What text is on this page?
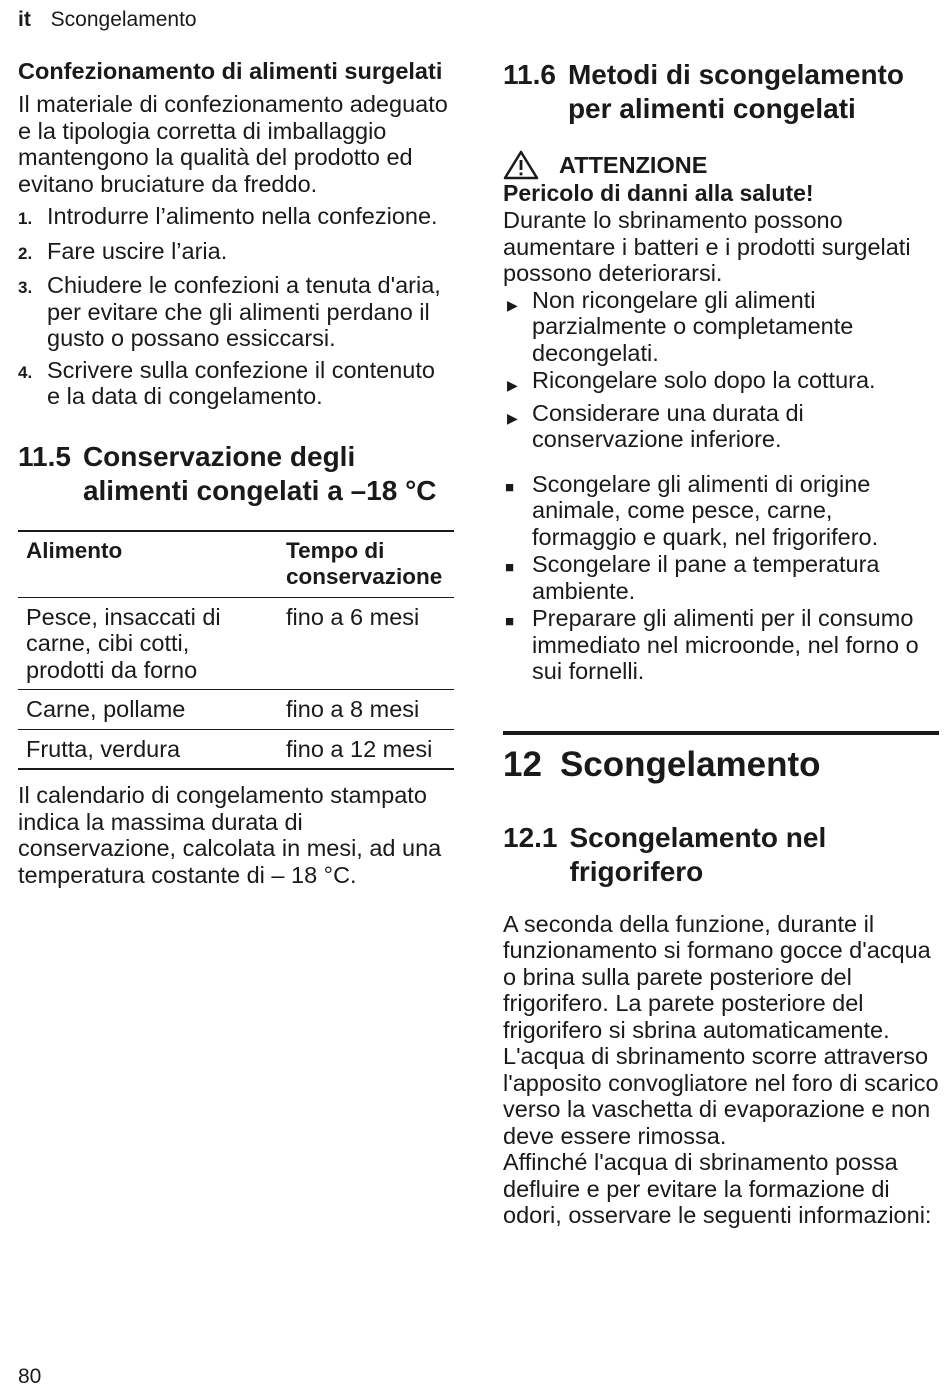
it Scongelamento
Confezionamento di alimenti surgelati
Il materiale di confezionamento adeguato e la tipologia corretta di imballaggio mantengono la qualità del prodotto ed evitano bruciature da freddo.
1. Introdurre l’alimento nella confezione.
2. Fare uscire l’aria.
3. Chiudere le confezioni a tenuta d'aria, per evitare che gli alimenti perdano il gusto o possano essiccarsi.
4. Scrivere sulla confezione il contenuto e la data di congelamento.
11.5 Conservazione degli alimenti congelati a –18 °C
Alimento	Tempo di conservazione
Pesce, insaccati di carne, cibi cotti, prodotti da forno	fino a 6 mesi
Carne, pollame	fino a 8 mesi
Frutta, verdura	fino a 12 mesi
Il calendario di congelamento stampato indica la massima durata di conservazione, calcolata in mesi, ad una temperatura costante di – 18 °C.
11.6 Metodi di scongelamento per alimenti congelati
ATTENZIONE
Pericolo di danni alla salute!
Durante lo sbrinamento possono aumentare i batteri e i prodotti surgelati possono deteriorarsi.
▶ Non ricongelare gli alimenti parzialmente o completamente decongelati.
▶ Ricongelare solo dopo la cottura.
▶ Considerare una durata di conservazione inferiore.
■ Scongelare gli alimenti di origine animale, come pesce, carne, formaggio e quark, nel frigorifero.
■ Scongelare il pane a temperatura ambiente.
■ Preparare gli alimenti per il consumo immediato nel microonde, nel forno o sui fornelli.
12 Scongelamento
12.1 Scongelamento nel frigorifero
A seconda della funzione, durante il funzionamento si formano gocce d'acqua o brina sulla parete posteriore del frigorifero. La parete posteriore del frigorifero si sbrina automaticamente.
L'acqua di sbrinamento scorre attraverso l'apposito convogliatore nel foro di scarico verso la vaschetta di evaporazione e non deve essere rimossa.
Affinché l'acqua di sbrinamento possa defluire e per evitare la formazione di odori, osservare le seguenti informazioni:
80
